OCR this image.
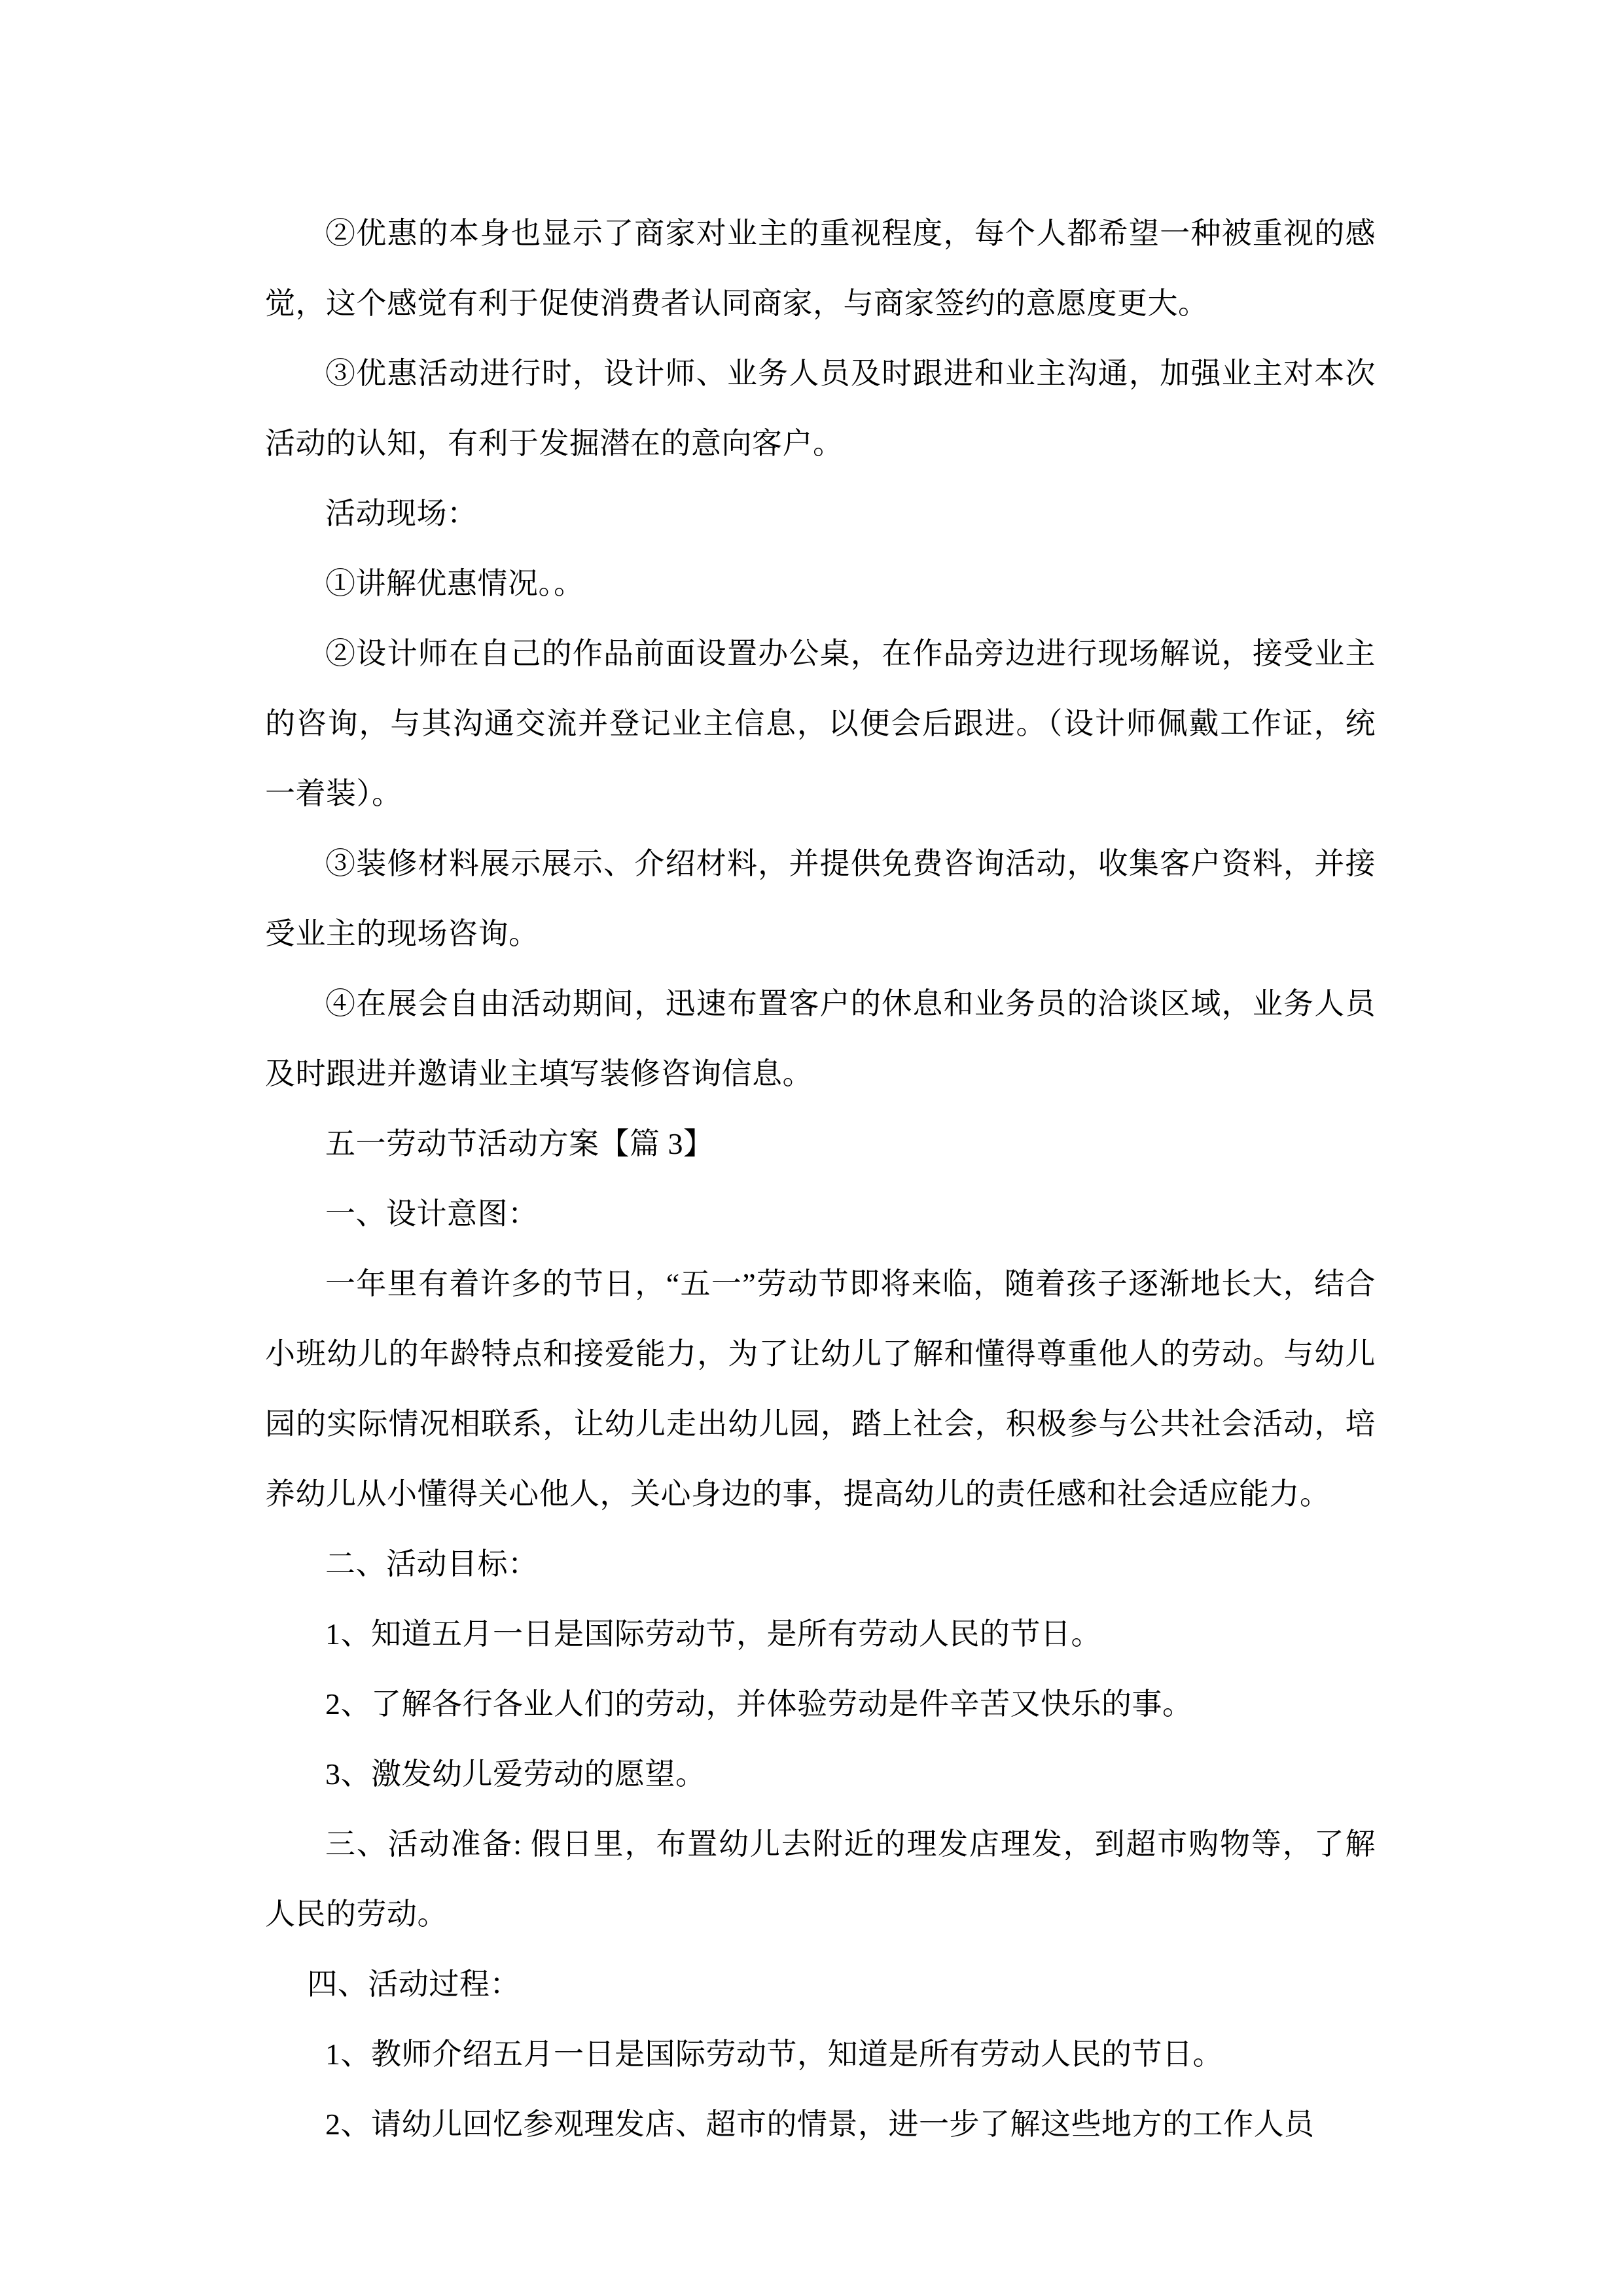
②优惠的本身也显示了商家对业主的重视程度，每个人都希望一种被重视的感觉，这个感觉有利于促使消费者认同商家，与商家签约的意愿度更大。

③优惠活动进行时，设计师、业务人员及时跟进和业主沟通，加强业主对本次活动的认知，有利于发掘潜在的意向客户。

活动现场：

①讲解优惠情况。。

②设计师在自己的作品前面设置办公桌，在作品旁边进行现场解说，接受业主的咨询，与其沟通交流并登记业主信息，以便会后跟进。（设计师佩戴工作证，统一着装）。

③装修材料展示展示、介绍材料，并提供免费咨询活动，收集客户资料，并接受业主的现场咨询。

④在展会自由活动期间，迅速布置客户的休息和业务员的洽谈区域，业务人员及时跟进并邀请业主填写装修咨询信息。

五一劳动节活动方案【篇 3】

一、设计意图：

一年里有着许多的节日，“五一”劳动节即将来临，随着孩子逐渐地长大，结合小班幼儿的年龄特点和接爱能力，为了让幼儿了解和懂得尊重他人的劳动。与幼儿园的实际情况相联系，让幼儿走出幼儿园，踏上社会，积极参与公共社会活动，培养幼儿从小懂得关心他人，关心身边的事，提高幼儿的责任感和社会适应能力。

二、活动目标：

1、知道五月一日是国际劳动节，是所有劳动人民的节日。

2、了解各行各业人们的劳动，并体验劳动是件辛苦又快乐的事。

3、激发幼儿爱劳动的愿望。

三、活动准备: 假日里，布置幼儿去附近的理发店理发，到超市购物等，了解人民的劳动。

四、活动过程：

1、教师介绍五月一日是国际劳动节，知道是所有劳动人民的节日。

2、请幼儿回忆参观理发店、超市的情景，进一步了解这些地方的工作人员
